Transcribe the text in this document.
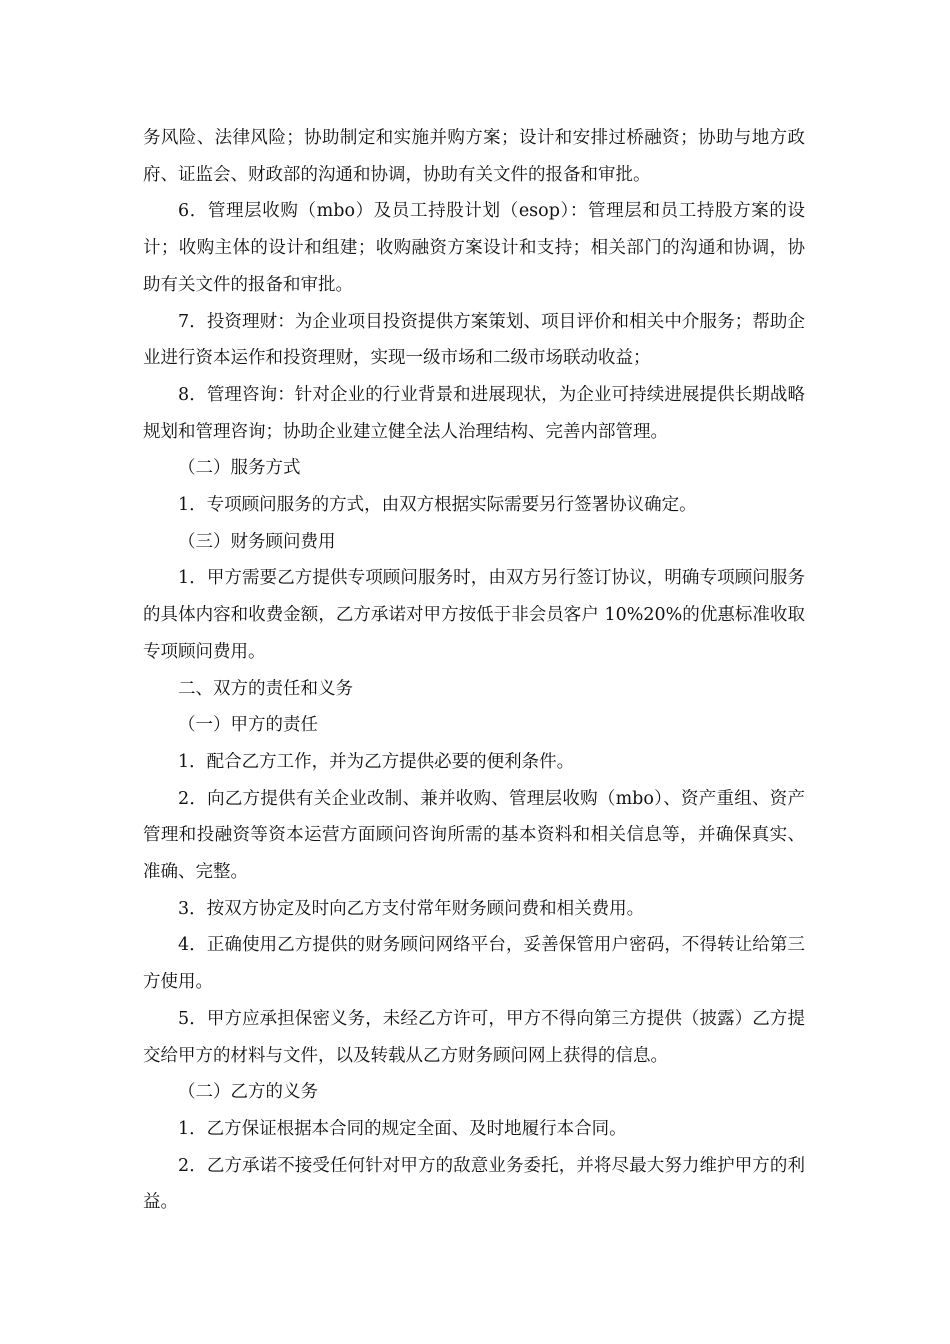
务风险、法律风险；协助制定和实施并购方案；设计和安排过桥融资；协助与地方政府、证监会、财政部的沟通和协调，协助有关文件的报备和审批。

6．管理层收购（mbo）及员工持股计划（esop）：管理层和员工持股方案的设计；收购主体的设计和组建；收购融资方案设计和支持；相关部门的沟通和协调，协助有关文件的报备和审批。

7．投资理财：为企业项目投资提供方案策划、项目评价和相关中介服务；帮助企业进行资本运作和投资理财，实现一级市场和二级市场联动收益；

8．管理咨询：针对企业的行业背景和进展现状，为企业可持续进展提供长期战略规划和管理咨询；协助企业建立健全法人治理结构、完善内部管理。

（二）服务方式

1．专项顾问服务的方式，由双方根据实际需要另行签署协议确定。

（三）财务顾问费用

1．甲方需要乙方提供专项顾问服务时，由双方另行签订协议，明确专项顾问服务的具体内容和收费金额，乙方承诺对甲方按低于非会员客户 10%20%的优惠标准收取专项顾问费用。

二、双方的责任和义务

（一）甲方的责任

1．配合乙方工作，并为乙方提供必要的便利条件。

2．向乙方提供有关企业改制、兼并收购、管理层收购（mbo）、资产重组、资产管理和投融资等资本运营方面顾问咨询所需的基本资料和相关信息等，并确保真实、准确、完整。

3．按双方协定及时向乙方支付常年财务顾问费和相关费用。

4．正确使用乙方提供的财务顾问网络平台，妥善保管用户密码，不得转让给第三方使用。

5．甲方应承担保密义务，未经乙方许可，甲方不得向第三方提供（披露）乙方提交给甲方的材料与文件，以及转载从乙方财务顾问网上获得的信息。

（二）乙方的义务

1．乙方保证根据本合同的规定全面、及时地履行本合同。

2．乙方承诺不接受任何针对甲方的敌意业务委托，并将尽最大努力维护甲方的利益。
